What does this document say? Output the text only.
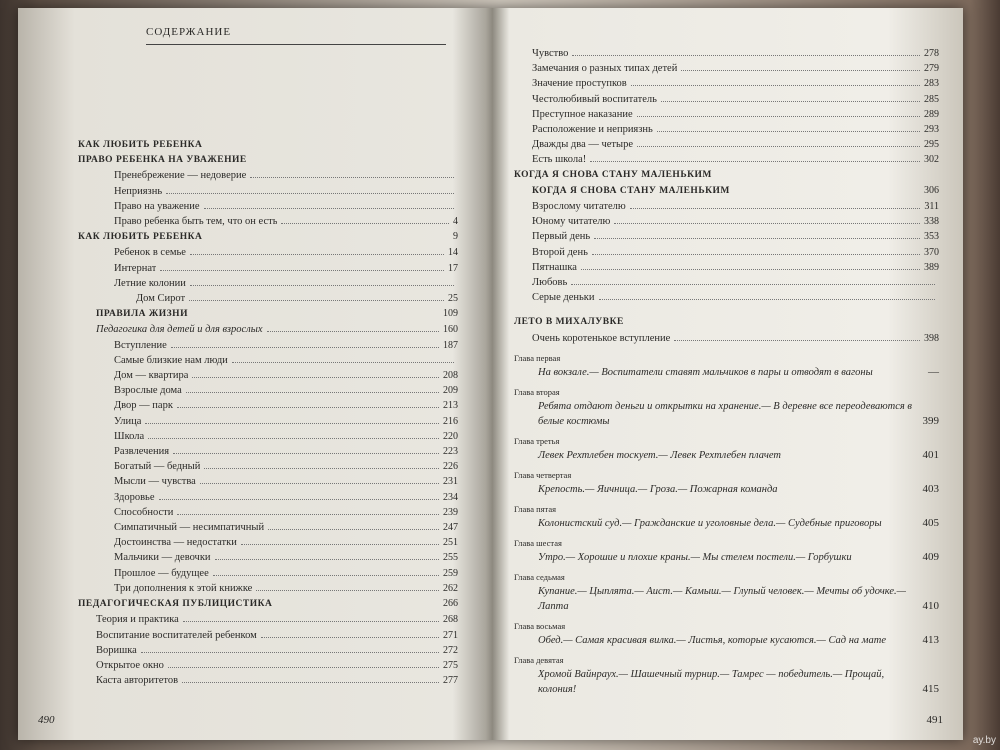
СОДЕРЖАНИЕ
КАК ЛЮБИТЬ РЕБЕНКА
ПРАВО РЕБЕНКА НА УВАЖЕНИЕ
Пренебрежение — недоверие
Неприязнь
Право на уважение
Право ребенка быть тем, что он есть	4
КАК ЛЮБИТЬ РЕБЕНКА	9
Ребенок в семье	14
Интернат	17
Летние колонии
Дом Сирот	25
ПРАВИЛА ЖИЗНИ	109
Педагогика для детей и для взрослых	160
Вступление	187
Самые близкие нам люди
Дом — квартира	208
Взрослые дома	209
Двор — парк	213
Улица	216
Школа	220
Развлечения	223
Богатый — бедный	226
Мысли — чувства	231
Здоровье	234
Способности	239
Симпатичный — несимпатичный	247
Достоинства — недостатки	251
Мальчики — девочки	255
Прошлое — будущее	259
Три дополнения к этой книжке	262
ПЕДАГОГИЧЕСКАЯ ПУБЛИЦИСТИКА	266
Теория и практика	268
Воспитание воспитателей ребенком	271
Воришка	272
Открытое окно	275
Каста авторитетов	277
490
Чувство	278
Замечания о разных типах детей	279
Значение проступков	283
Честолюбивый воспитатель	285
Преступное наказание	289
Расположение и неприязнь	293
Дважды два — четыре	295
Есть школа!	302
КОГДА Я СНОВА СТАНУ МАЛЕНЬКИМ
КОГДА Я СНОВА СТАНУ МАЛЕНЬКИМ	306
Взрослому читателю	311
Юному читателю	338
Первый день	353
Второй день	370
Пятнашка	389
Любовь
Серые деньки
ЛЕТО В МИХАЛУВКЕ
Очень коротенькое вступление	398
Глава первая
На вокзале.— Воспитатели ставят мальчиков в пары и отводят в вагоны	—
Глава вторая
Ребята отдают деньги и открытки на хранение.— В деревне все переодеваются в белые костюмы	399
Глава третья
Левек Рехтлебен тоскует.— Левек Рехтлебен плачет	401
Глава четвертая
Крепость.— Яичница.— Гроза.— Пожарная команда	403
Глава пятая
Колонистский суд.— Гражданские и уголовные дела.— Судебные приговоры	405
Глава шестая
Утро.— Хорошие и плохие краны.— Мы стелем постели.— Горбушки	409
Глава седьмая
Купание.— Цыплята.— Аист.— Камыш.— Глупый человек.— Мечты об удочке.— Лапта	410
Глава восьмая
Обед.— Самая красивая вилка.— Листья, которые кусаются.— Сад на мате	413
Глава девятая
Хромой Вайнраух.— Шашечный турнир.— Тамрес — победитель.— Прощай, колония!	415
491
ay.by
